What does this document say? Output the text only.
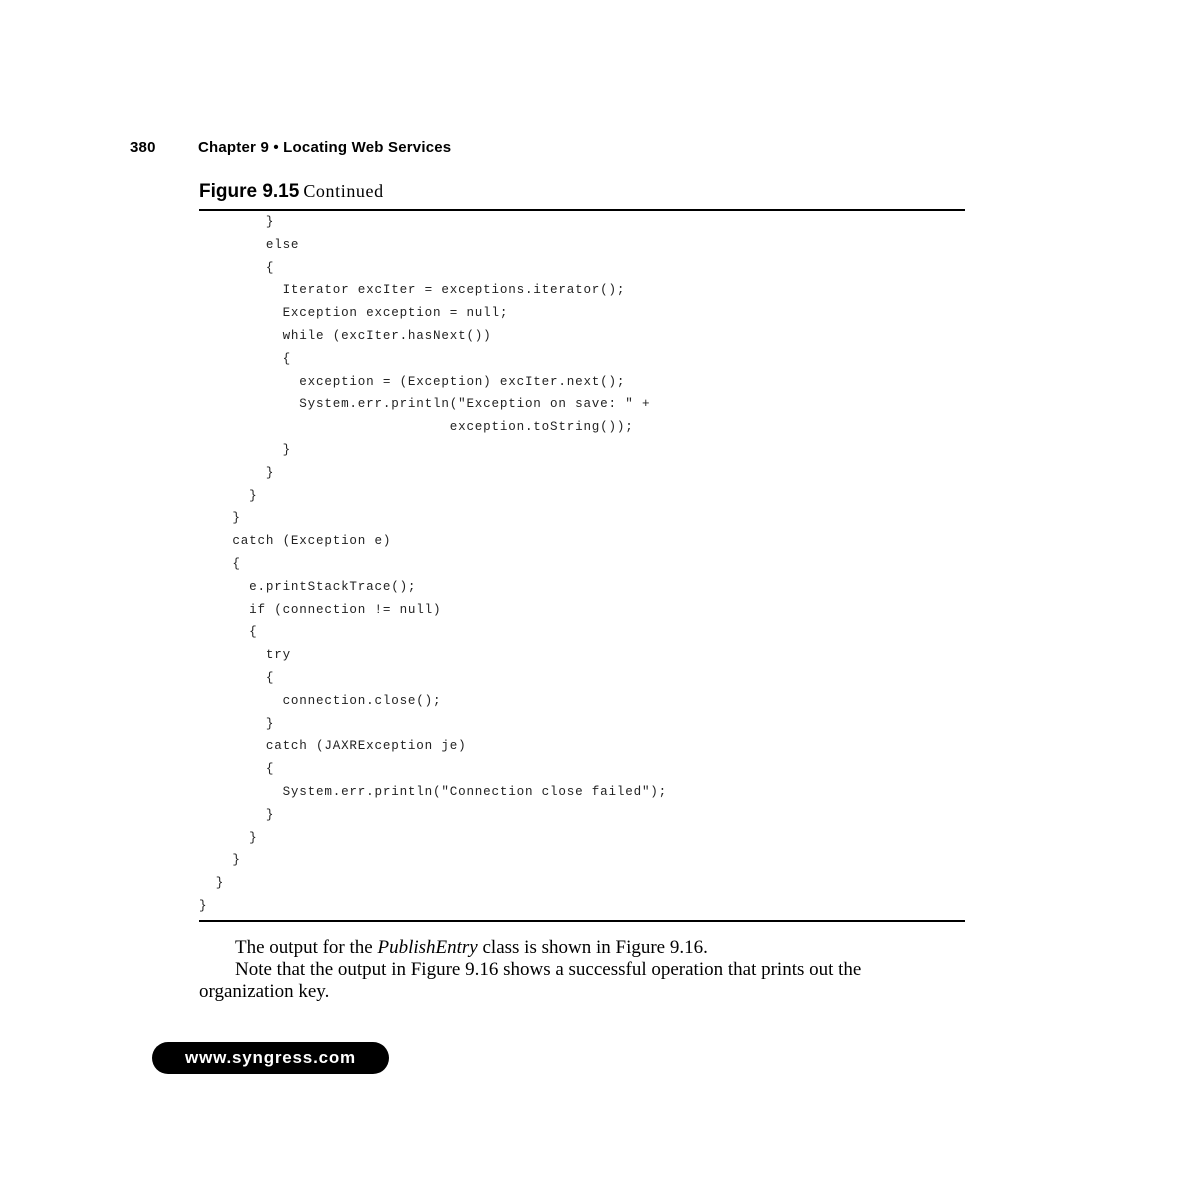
380	Chapter 9 • Locating Web Services
Figure 9.15 Continued
}
else
{
Iterator excIter = exceptions.iterator();
Exception exception = null;
while (excIter.hasNext())
{
exception = (Exception) excIter.next();
System.err.println("Exception on save: " +
exception.toString());
}
}
}
}
catch (Exception e)
{
e.printStackTrace();
if (connection != null)
{
try
{
connection.close();
}
catch (JAXRException je)
{
System.err.println("Connection close failed");
}
}
}
}
}

The output for the PublishEntry class is shown in Figure 9.16.

Note that the output in Figure 9.16 shows a successful operation that prints out the organization key.

www.syngress.com
